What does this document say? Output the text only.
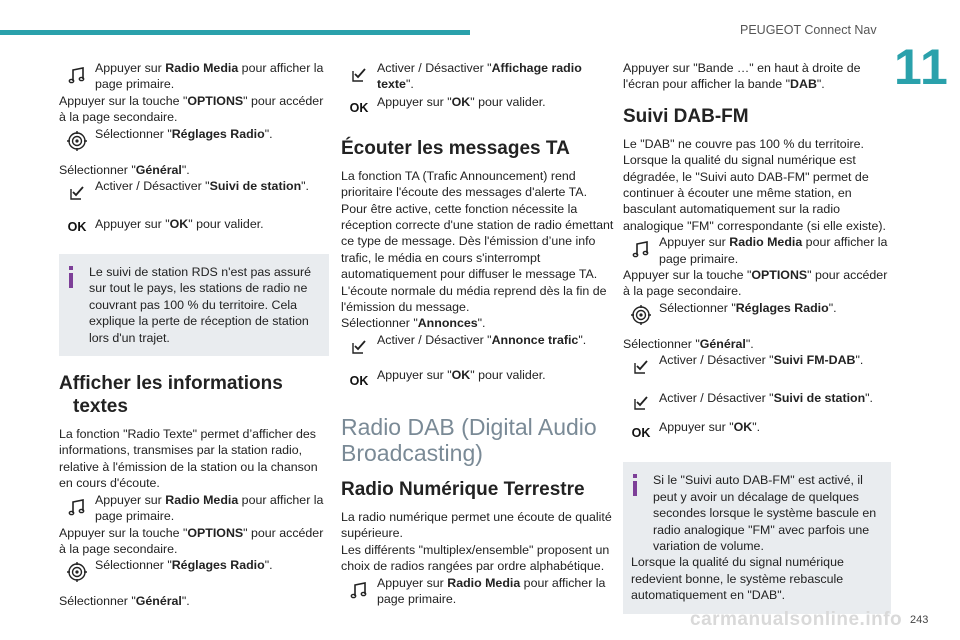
PEUGEOT Connect Nav
11
Appuyer sur Radio Media pour afficher la page primaire.

Appuyer sur la touche "OPTIONS" pour accéder à la page secondaire.

Sélectionner "Réglages Radio".

Sélectionner "Général".

Activer / Désactiver "Suivi de station".
OK Appuyer sur "OK" pour valider.

Le suivi de station RDS n'est pas assuré sur tout le pays, les stations de radio ne couvrant pas 100 % du territoire. Cela explique la perte de réception de station lors d'un trajet.

Afficher les informations textes

La fonction "Radio Texte" permet d’afficher des informations, transmises par la station radio, relative à l'émission de la station ou la chanson en cours d'écoute.

Appuyer sur Radio Media pour afficher la page primaire.

Appuyer sur la touche "OPTIONS" pour accéder à la page secondaire.

Sélectionner "Réglages Radio".

Sélectionner "Général".

Activer / Désactiver "Affichage radio texte".
OK Appuyer sur "OK" pour valider.
Écouter les messages TA

La fonction TA (Trafic Announcement) rend prioritaire l'écoute des messages d'alerte TA. Pour être active, cette fonction nécessite la réception correcte d'une station de radio émettant ce type de message. Dès l'émission d’une info trafic, le média en cours s'interrompt automatiquement pour diffuser le message TA. L'écoute normale du média reprend dès la fin de l'émission du message.

Sélectionner "Annonces".

Activer / Désactiver "Annonce trafic".
OK Appuyer sur "OK" pour valider.
Radio DAB (Digital Audio Broadcasting)
Radio Numérique Terrestre

La radio numérique permet une écoute de qualité supérieure.

Les différents "multiplex/ensemble" proposent un choix de radios rangées par ordre alphabétique.

Appuyer sur Radio Media pour afficher la page primaire.

Appuyer sur "Bande …" en haut à droite de l'écran pour afficher la bande "DAB".

Suivi DAB-FM

Le "DAB" ne couvre pas 100 % du territoire. Lorsque la qualité du signal numérique est dégradée, le "Suivi auto DAB-FM" permet de continuer à écouter une même station, en basculant automatiquement sur la radio analogique "FM" correspondante (si elle existe).

Appuyer sur Radio Media pour afficher la page primaire.

Appuyer sur la touche "OPTIONS" pour accéder à la page secondaire.

Sélectionner "Réglages Radio".

Sélectionner "Général".

Activer / Désactiver "Suivi FM-DAB".
Activer / Désactiver "Suivi de station".
OK Appuyer sur "OK".

Si le "Suivi auto DAB-FM" est activé, il peut y avoir un décalage de quelques secondes lorsque le système bascule en radio analogique "FM" avec parfois une variation de volume.

Lorsque la qualité du signal numérique redevient bonne, le système rebascule automatiquement en "DAB".

carmanualsonline.info 243
